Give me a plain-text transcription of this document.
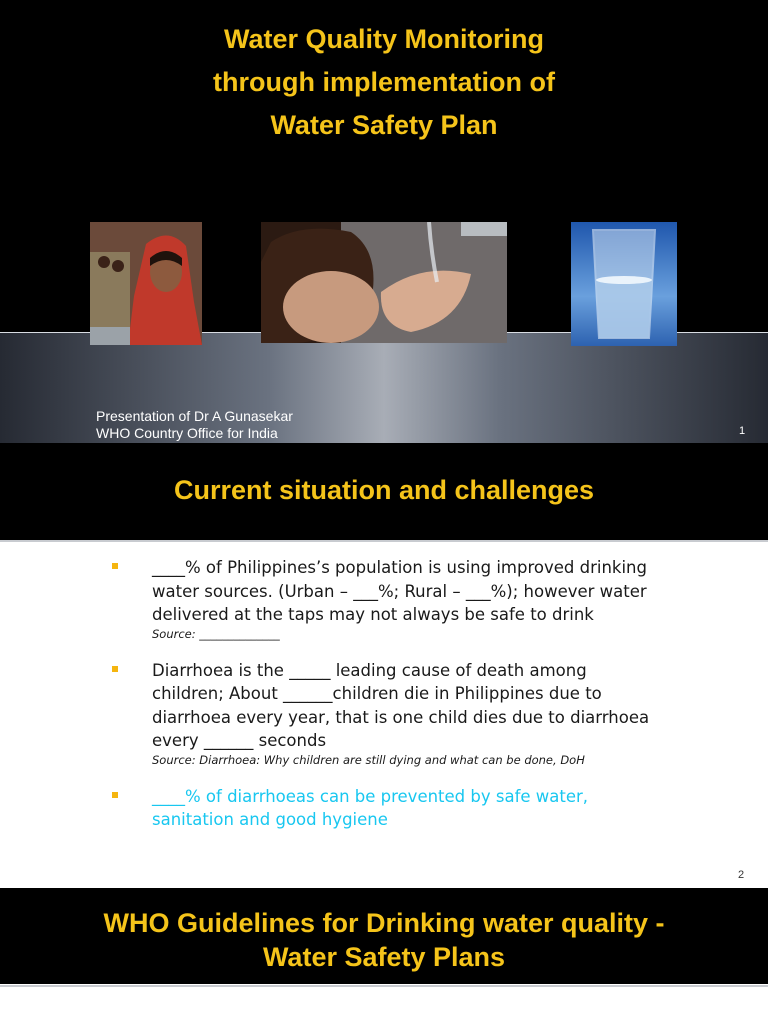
Water Quality Monitoring
through implementation of
Water Safety Plan
Presentation of Dr A Gunasekar
WHO Country Office for India	1
Current situation and challenges
____% of Philippines’s population is using improved drinking
water sources. (Urban – ___%; Rural – ___%); however water
delivered at the taps may not always be safe to drink
Source: ______________
Diarrhoea is the _____ leading cause of death among
children; About ______children die in Philippines due to
diarrhoea every year, that is one child dies due to diarrhoea
every ______ seconds
Source: Diarrhoea: Why children are still dying and what can be done, DoH
____% of diarrhoeas can be prevented by safe water,
sanitation and good hygiene
2
WHO Guidelines for Drinking water quality -
Water Safety Plans
